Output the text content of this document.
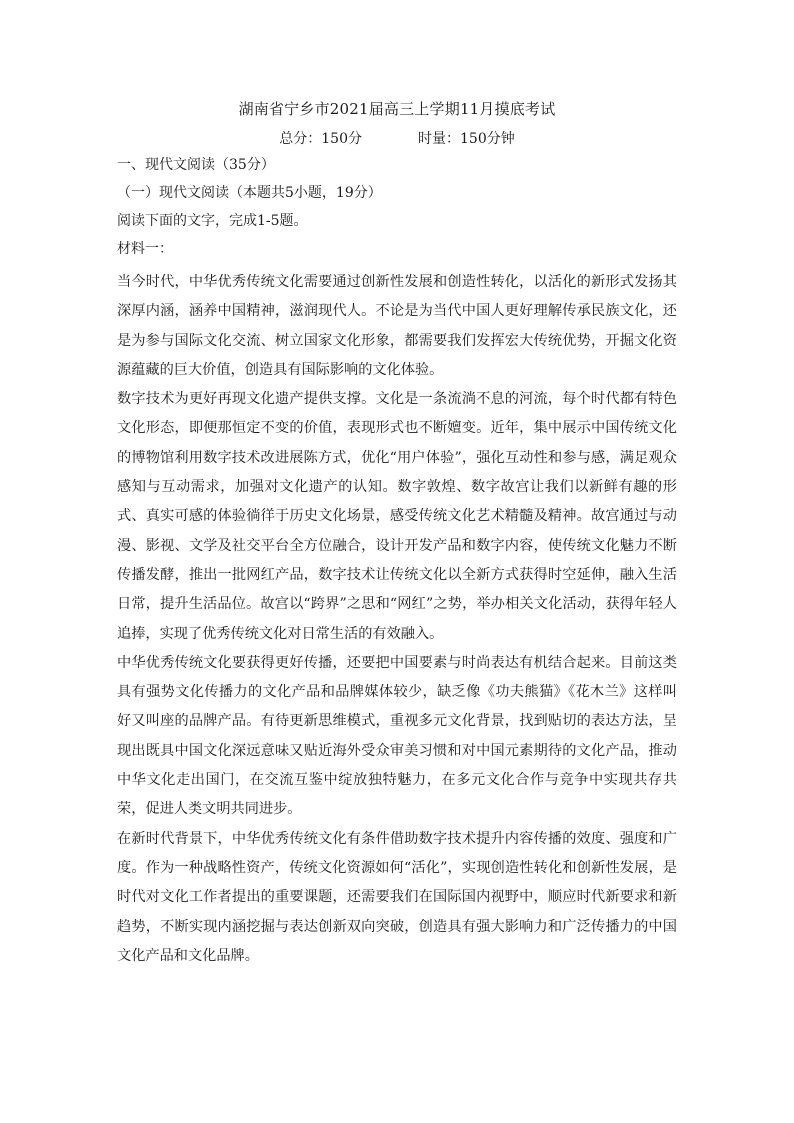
湖南省宁乡市2021届高三上学期11月摸底考试
总分：150分	时量：150分钟
一、现代文阅读（35分）
（一）现代文阅读（本题共5小题，19分）
阅读下面的文字，完成1-5题。
材料一：

当今时代，中华优秀传统文化需要通过创新性发展和创造性转化，以活化的新形式发扬其深厚内涵，涵养中国精神，滋润现代人。不论是为当代中国人更好理解传承民族文化，还是为参与国际文化交流、树立国家文化形象，都需要我们发挥宏大传统优势，开掘文化资源蕴藏的巨大价值，创造具有国际影响的文化体验。

数字技术为更好再现文化遗产提供支撑。文化是一条流淌不息的河流，每个时代都有特色文化形态，即便那恒定不变的价值，表现形式也不断嬗变。近年，集中展示中国传统文化的博物馆利用数字技术改进展陈方式，优化“用户体验”，强化互动性和参与感，满足观众感知与互动需求，加强对文化遗产的认知。数字敦煌、数字故宫让我们以新鲜有趣的形式、真实可感的体验徜徉于历史文化场景，感受传统文化艺术精髓及精神。故宫通过与动漫、影视、文学及社交平台全方位融合，设计开发产品和数字内容，使传统文化魅力不断传播发酵，推出一批网红产品，数字技术让传统文化以全新方式获得时空延伸，融入生活日常，提升生活品位。故宫以“跨界”之思和“网红”之势，举办相关文化活动，获得年轻人追捧，实现了优秀传统文化对日常生活的有效融入。

中华优秀传统文化要获得更好传播，还要把中国要素与时尚表达有机结合起来。目前这类具有强势文化传播力的文化产品和品牌媒体较少，缺乏像《功夫熊猫》《花木兰》这样叫好又叫座的品牌产品。有待更新思维模式，重视多元文化背景，找到贴切的表达方法，呈现出既具中国文化深远意味又贴近海外受众审美习惯和对中国元素期待的文化产品，推动中华文化走出国门，在交流互鉴中绽放独特魅力，在多元文化合作与竞争中实现共存共荣，促进人类文明共同进步。

在新时代背景下，中华优秀传统文化有条件借助数字技术提升内容传播的效度、强度和广度。作为一种战略性资产，传统文化资源如何“活化”，实现创造性转化和创新性发展，是时代对文化工作者提出的重要课题，还需要我们在国际国内视野中，顺应时代新要求和新趋势，不断实现内涵挖掘与表达创新双向突破，创造具有强大影响力和广泛传播力的中国文化产品和文化品牌。
